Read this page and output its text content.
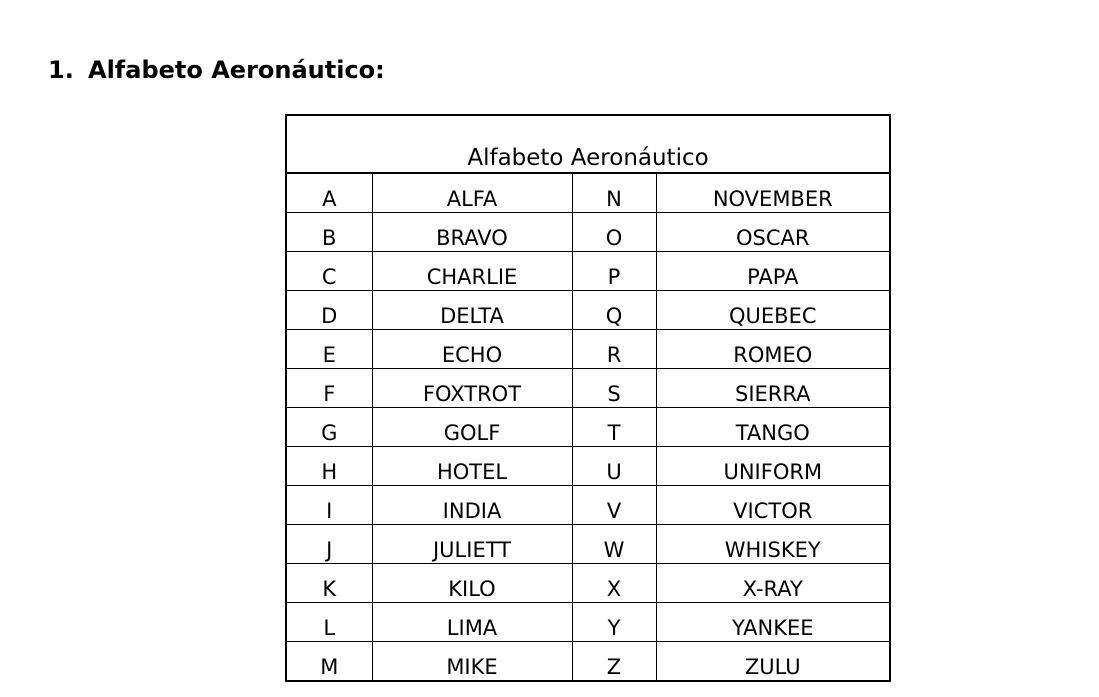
1. Alfabeto Aeronáutico:
Alfabeto Aeronáutico			
A	ALFA	N	NOVEMBER
B	BRAVO	O	OSCAR
C	CHARLIE	P	PAPA
D	DELTA	Q	QUEBEC
E	ECHO	R	ROMEO
F	FOXTROT	S	SIERRA
G	GOLF	T	TANGO
H	HOTEL	U	UNIFORM
I	INDIA	V	VICTOR
J	JULIETT	W	WHISKEY
K	KILO	X	X-RAY
L	LIMA	Y	YANKEE
M	MIKE	Z	ZULU
